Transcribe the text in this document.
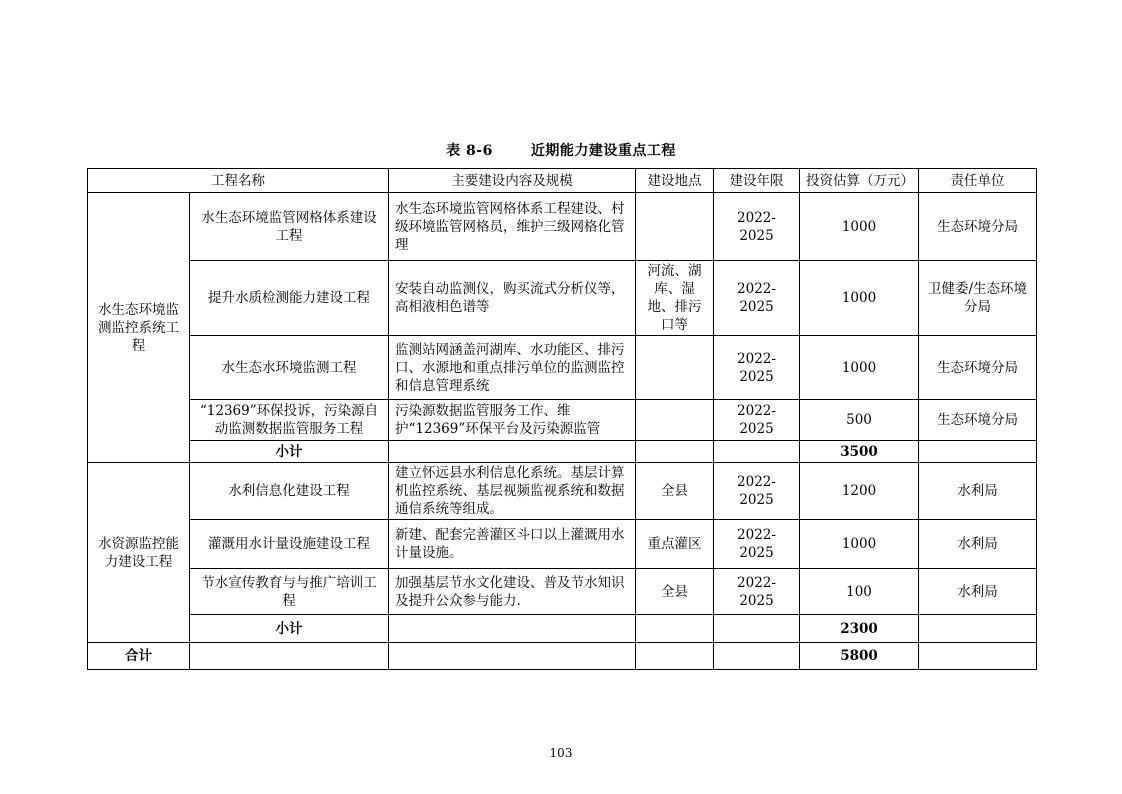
表 8-6	近期能力建设重点工程
工程名称		主要建设内容及规模	建设地点	建设年限	投资估算（万元）	责任单位
水生态环境监测监控系统工程	水生态环境监管网格体系建设工程	水生态环境监管网格体系工程建设、村级环境监管网格员，维护三级网格化管理		2022-2025	1000	生态环境分局
	提升水质检测能力建设工程	安装自动监测仪，购买流式分析仪等，高相液相色谱等	河流、湖库、湿地、排污口等	2022-2025	1000	卫健委/生态环境分局
	水生态水环境监测工程	监测站网涵盖河湖库、水功能区、排污口、水源地和重点排污单位的监测监控和信息管理系统		2022-2025	1000	生态环境分局
	“12369”环保投诉，污染源自动监测数据监管服务工程	污染源数据监管服务工作、维护“12369”环保平台及污染源监管		2022-2025	500	生态环境分局
	小计				3500	
水资源监控能力建设工程	水利信息化建设工程	建立怀远县水利信息化系统。基层计算机监控系统、基层视频监视系统和数据通信系统等组成。	全县	2022-2025	1200	水利局
	灌溉用水计量设施建设工程	新建、配套完善灌区斗口以上灌溉用水计量设施。	重点灌区	2022-2025	1000	水利局
	节水宣传教育与与推广培训工程	加强基层节水文化建设、普及节水知识及提升公众参与能力.	全县	2022-2025	100	水利局
	小计				2300	
合计					5800	
103
